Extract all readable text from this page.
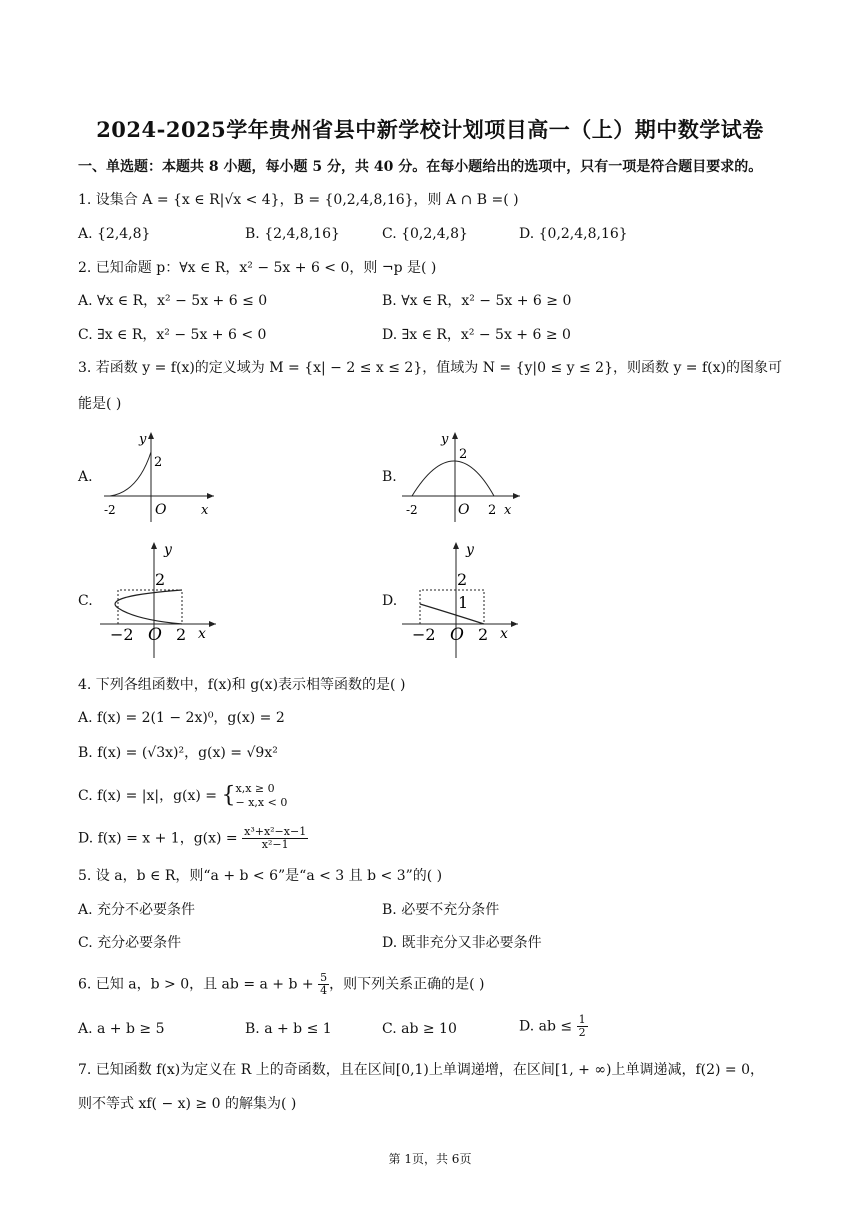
2024-2025学年贵州省县中新学校计划项目高一（上）期中数学试卷
一、单选题：本题共 8 小题，每小题 5 分，共 40 分。在每小题给出的选项中，只有一项是符合题目要求的。
1. 设集合 A = {x ∈ R|√x < 4}，B = {0,2,4,8,16}，则 A ∩ B =( )
A. {2,4,8}	B. {2,4,8,16}	C. {0,2,4,8}	D. {0,2,4,8,16}
2. 已知命题 p：∀x ∈ R，x² − 5x + 6 < 0，则 ¬p 是( )
A. ∀x ∈ R，x² − 5x + 6 ≤ 0	B. ∀x ∈ R，x² − 5x + 6 ≥ 0
C. ∃x ∈ R，x² − 5x + 6 < 0	D. ∃x ∈ R，x² − 5x + 6 ≥ 0
3. 若函数 y = f(x)的定义域为 M = {x| − 2 ≤ x ≤ 2}，值域为 N = {y|0 ≤ y ≤ 2}，则函数 y = f(x)的图象可
能是( )
A.	B.
C.	D.
y
2
-2	O	x
y
2
-2	O 2 x
y
2
−2 O 2 x
y
2
1
−2 O 2 x
4. 下列各组函数中，f(x)和 g(x)表示相等函数的是( )
A. f(x) = 2(1 − 2x)⁰，g(x) = 2
B. f(x) = (√3x)²，g(x) = √9x²
C. f(x) = |x|，g(x) = { x,x ≥ 0
− x,x < 0
D. f(x) = x + 1，$g(x) = \frac{\text{x³+x²−x−1}}{\text{x²−1}}$
5. 设 a，b ∈ R，则“a + b < 6”是“a < 3 且 b < 3”的( )
A. 充分不必要条件	B. 必要不充分条件
C. 充分必要条件	D. 既非充分又非必要条件
6. 已知 a，b > 0，且 ab = $a + b + \frac{5}{4}$ ，则下列关系正确的是( )
A. a + b ≥ 5	B. a + b ≤ 1	C. ab ≥ 10	D. ab ≤ $\frac{1}{2}$
7. 已知函数 f(x)为定义在 R 上的奇函数，且在区间[0,1)上单调递增，在区间[1, + ∞)上单调递减，f(2) = 0，
则不等式 xf( − x) ≥ 0 的解集为( )
第 1页，共 6页
